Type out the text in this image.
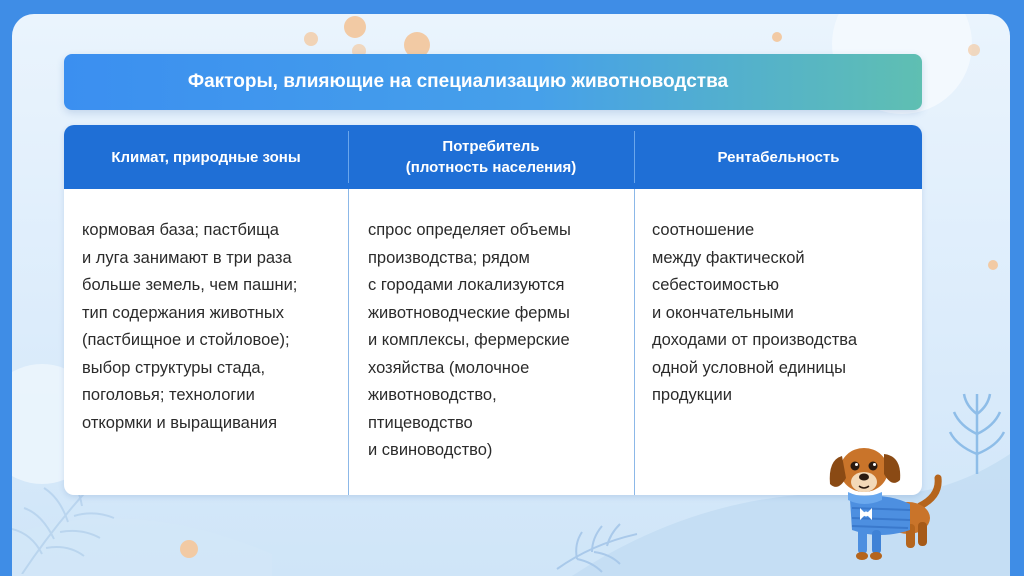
Факторы, влияющие на специализацию животноводства
Климат, природные зоны
Потребитель
(плотность населения)
Рентабельность
кормовая база; пастбища
и луга занимают в три раза
больше земель, чем пашни;
тип содержания животных
(пастбищное и стойловое);
выбор структуры стада,
поголовья; технологии
откормки и выращивания
спрос определяет объемы
производства; рядом
с городами локализуются
животноводческие фермы
и комплексы, фермерские
хозяйства (молочное
животноводство,
птицеводство
и свиноводство)
соотношение
между фактической
себестоимостью
и окончательными
доходами от производства
одной условной единицы
продукции
